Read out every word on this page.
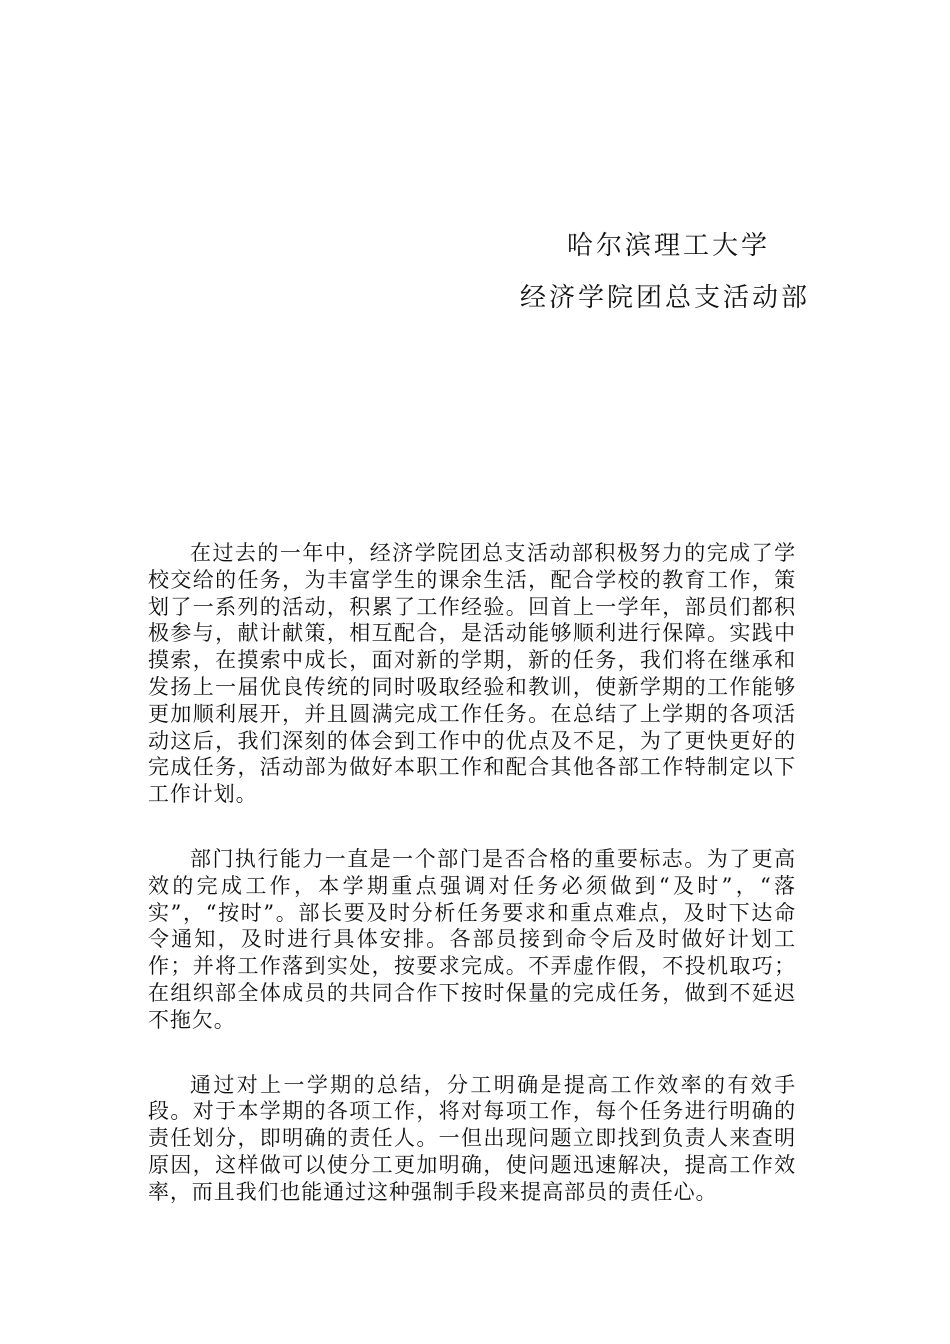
哈尔滨理工大学
经济学院团总支活动部

在过去的一年中，经济学院团总支活动部积极努力的完成了学校交给的任务，为丰富学生的课余生活，配合学校的教育工作，策划了一系列的活动，积累了工作经验。回首上一学年，部员们都积极参与，献计献策，相互配合，是活动能够顺利进行保障。实践中摸索，在摸索中成长，面对新的学期，新的任务，我们将在继承和发扬上一届优良传统的同时吸取经验和教训，使新学期的工作能够更加顺利展开，并且圆满完成工作任务。在总结了上学期的各项活动这后，我们深刻的体会到工作中的优点及不足，为了更快更好的完成任务，活动部为做好本职工作和配合其他各部工作特制定以下工作计划。

部门执行能力一直是一个部门是否合格的重要标志。为了更高效的完成工作，本学期重点强调对任务必须做到“及时”，“落实”，“按时”。部长要及时分析任务要求和重点难点，及时下达命令通知，及时进行具体安排。各部员接到命令后及时做好计划工作；并将工作落到实处，按要求完成。不弄虚作假，不投机取巧；在组织部全体成员的共同合作下按时保量的完成任务，做到不延迟不拖欠。

通过对上一学期的总结，分工明确是提高工作效率的有效手段。对于本学期的各项工作，将对每项工作，每个任务进行明确的责任划分，即明确的责任人。一但出现问题立即找到负责人来查明原因，这样做可以使分工更加明确，使问题迅速解决，提高工作效率，而且我们也能通过这种强制手段来提高部员的责任心。
